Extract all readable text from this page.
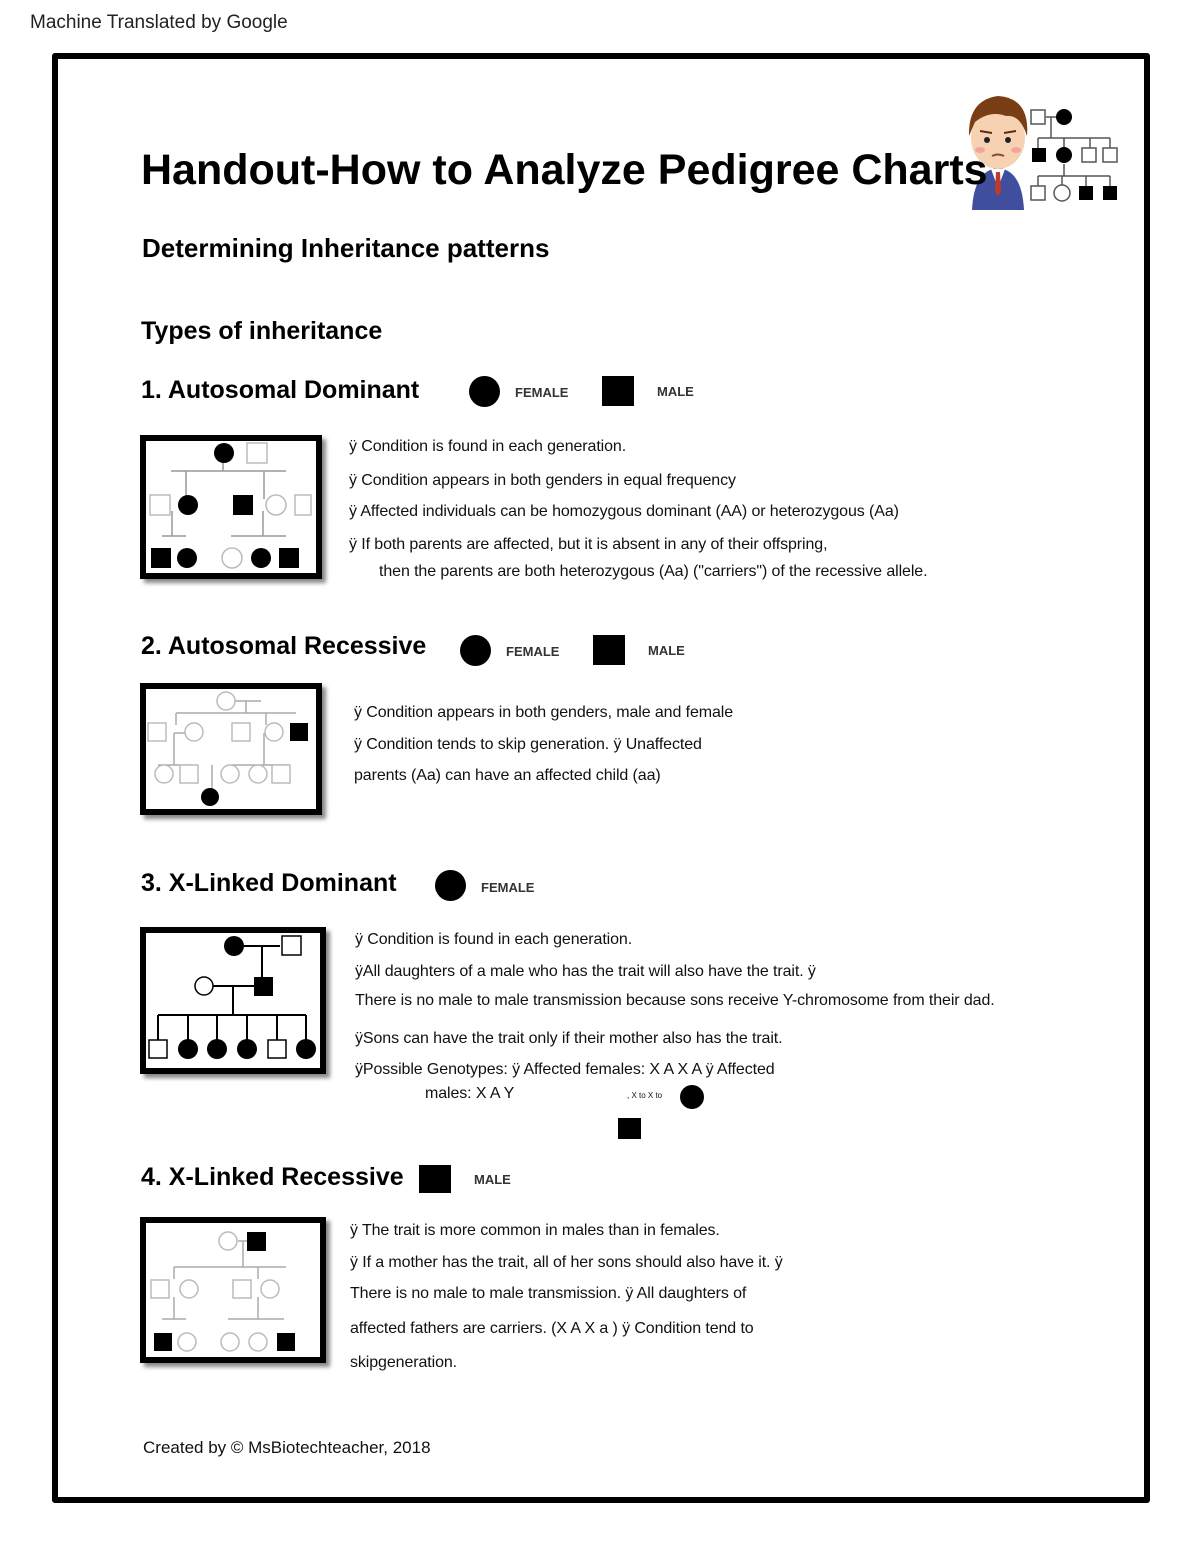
Machine Translated by Google
Handout-How to Analyze Pedigree Charts
Determining Inheritance patterns
Types of inheritance
1. Autosomal Dominant	FEMALE	MALE
ÿ Condition is found in each generation.
ÿ Condition appears in both genders in equal frequency
ÿ Affected individuals can be homozygous dominant (AA) or heterozygous (Aa)
ÿ If both parents are affected, but it is absent in any of their offspring,
then the parents are both heterozygous (Aa) ("carriers") of the recessive allele.
2. Autosomal Recessive	FEMALE	MALE
ÿ Condition appears in both genders, male and female
ÿ Condition tends to skip generation. ÿ Unaffected
parents (Aa) can have an affected child (aa)
3. X-Linked Dominant	FEMALE
ÿ Condition is found in each generation.
ÿAll daughters of a male who has the trait will also have the trait. ÿ
There is no male to male transmission because sons receive Y-chromosome from their dad.
ÿSons can have the trait only if their mother also has the trait.
ÿPossible Genotypes: ÿ Affected females: X A X A ÿ Affected
males: X A Y	, X to X to
4. X-Linked Recessive	MALE
ÿ The trait is more common in males than in females.
ÿ If a mother has the trait, all of her sons should also have it. ÿ
There is no male to male transmission. ÿ All daughters of
affected fathers are carriers. (X A X a ) ÿ Condition tend to
skipgeneration.
Created by © MsBiotechteacher, 2018
